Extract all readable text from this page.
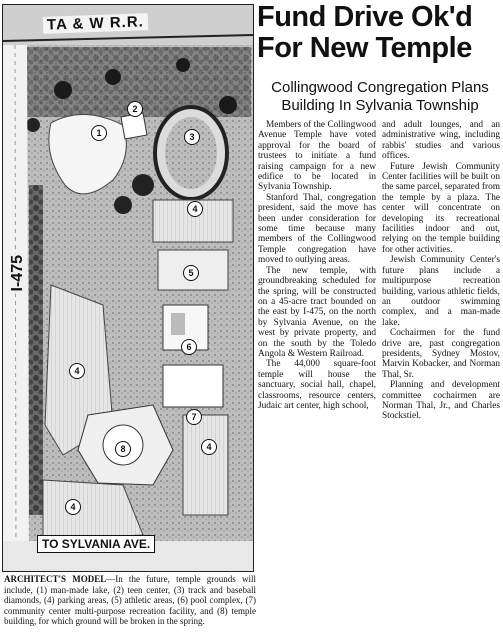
TA & W R.R.
I-475
TO SYLVANIA AVE.
1
2
3
4
5
6
7
8
4
4
4
Fund Drive Ok'd For New Temple
Collingwood Congregation Plans Building In Sylvania Township

Members of the Collingwood Avenue Temple have voted approval for the board of trustees to initiate a fund raising campaign for a new edifice to be located in Sylvania Township.

Stanford Thal, congregation president, said the move has been under consideration for some time because many members of the Collingwood Temple congregation have moved to outlying areas.

The new temple, with groundbreaking scheduled for the spring, will be constructed on a 45-acre tract bounded on the east by I-475, on the north by Sylvania Avenue, on the west by private property, and on the south by the Toledo Angola & Western Railroad.

The 44,000 square-foot temple will house the sanctuary, social hall, chapel, classrooms, resource centers, Judaic art center, high school,

and adult lounges, and an administrative wing, including rabbis' studies and various offices.

Future Jewish Community Center facilities will be built on the same parcel, separated from the temple by a plaza. The center will concentrate on developing its recreational facilities indoor and out, relying on the temple building for other activities.

Jewish Community Center's future plans include a multipurpose recreation building, various athletic fields, an outdoor swimming complex, and a man-made lake.

Cochairmen for the fund drive are, past congregation presidents, Sydney Mostov, Marvin Kobacker, and Norman Thal, Sr.

Planning and development committee cochairmen are Norman Thal, Jr., and Charles Stockstiel.

ARCHITECT'S MODEL—In the future, temple grounds will include, (1) man-made lake, (2) teen center, (3) track and baseball diamonds, (4) parking areas, (5) athletic areas, (6) pool complex, (7) community center multi-purpose recreation facility, and (8) temple building, for which ground will be broken in the spring.
